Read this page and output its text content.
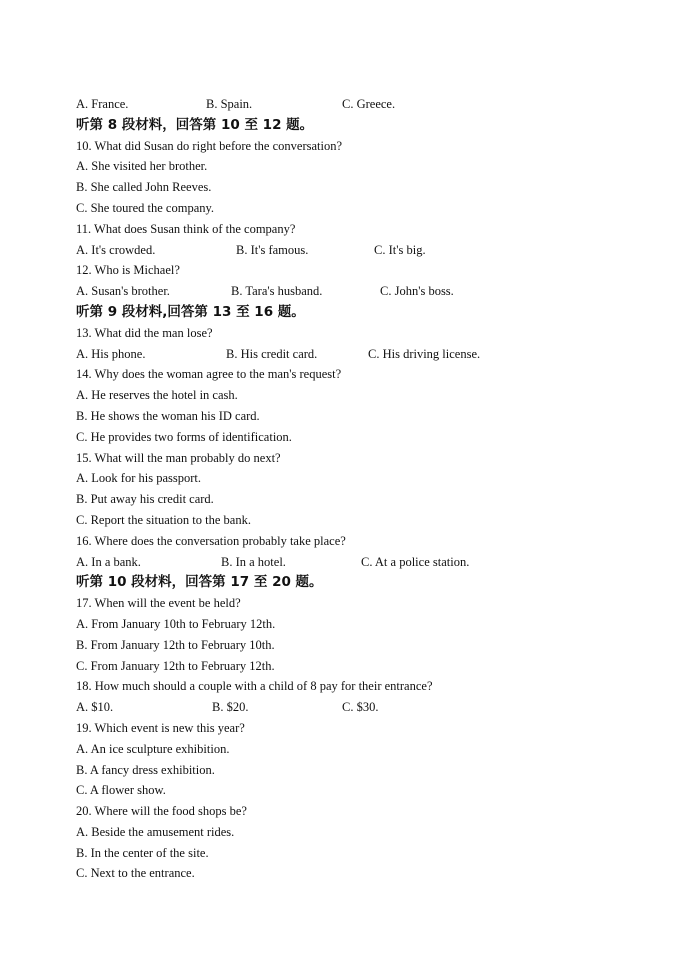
A. France.	B. Spain.	C. Greece.
听第 8 段材料，回答第 10 至 12 题。
10. What did Susan do right before the conversation?
A. She visited her brother.
B. She called John Reeves.
C. She toured the company.
11. What does Susan think of the company?
A. It's crowded.	B. It's famous.	C. It's big.
12. Who is Michael?
A. Susan's brother.	B. Tara's husband.	C. John's boss.
听第 9 段材料,回答第 13 至 16 题。
13. What did the man lose?
A. His phone.	B. His credit card.	C. His driving license.
14. Why does the woman agree to the man's request?
A. He reserves the hotel in cash.
B. He shows the woman his ID card.
C. He provides two forms of identification.
15. What will the man probably do next?
A. Look for his passport.
B. Put away his credit card.
C. Report the situation to the bank.
16. Where does the conversation probably take place?
A. In a bank.	B. In a hotel.	C. At a police station.
听第 10 段材料，回答第 17 至 20 题。
17. When will the event be held?
A. From January 10th to February 12th.
B. From January 12th to February 10th.
C. From January 12th to February 12th.
18. How much should a couple with a child of 8 pay for their entrance?
A. $10.	B. $20.	C. $30.
19. Which event is new this year?
A. An ice sculpture exhibition.
B. A fancy dress exhibition.
C. A flower show.
20. Where will the food shops be?
A. Beside the amusement rides.
B. In the center of the site.
C. Next to the entrance.
